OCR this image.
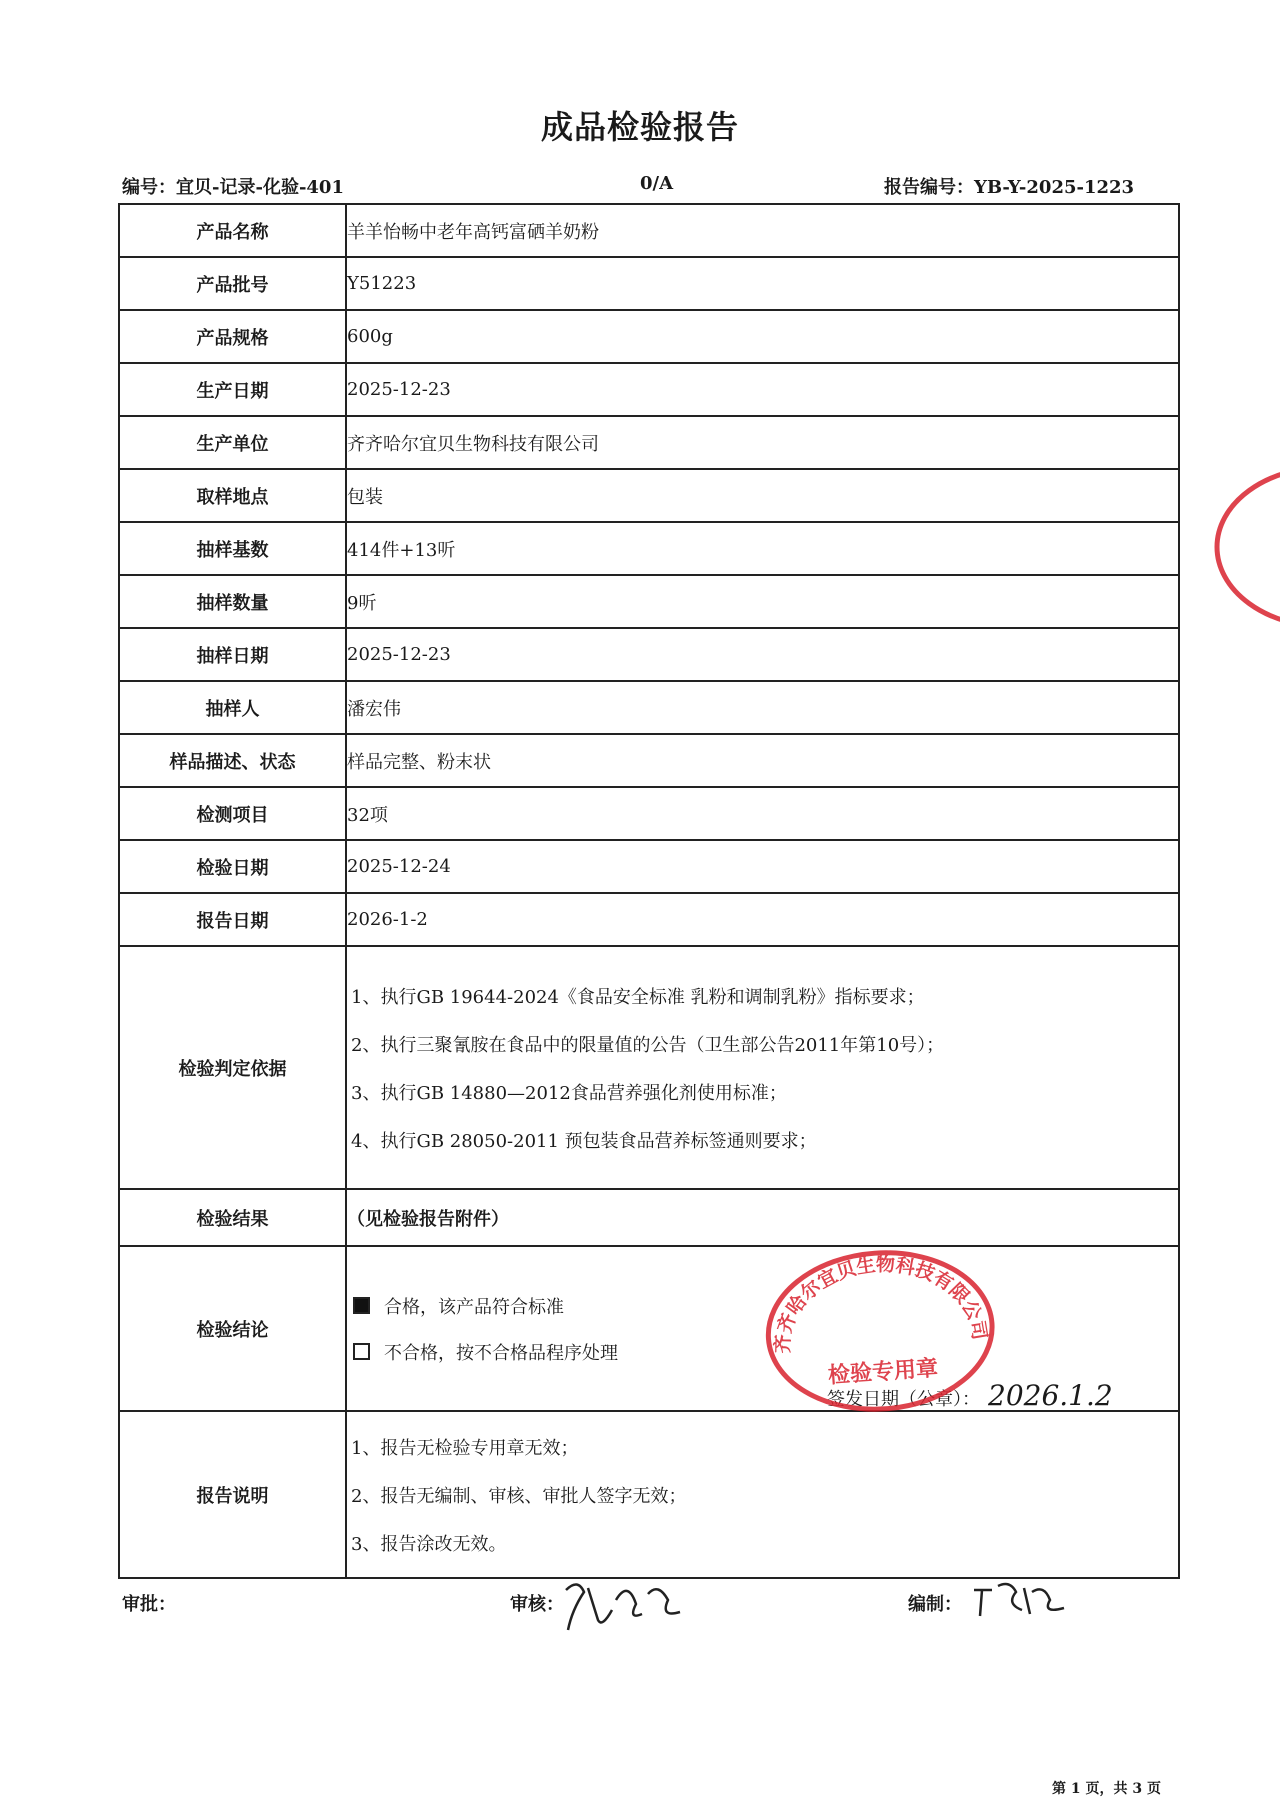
成品检验报告
编号：宜贝-记录-化验-401	0/A	报告编号：YB-Y-2025-1223
产品名称	羊羊怡畅中老年高钙富硒羊奶粉
产品批号	Y51223
产品规格	600g
生产日期	2025-12-23
生产单位	齐齐哈尔宜贝生物科技有限公司
取样地点	包装
抽样基数	414件+13听
抽样数量	9听
抽样日期	2025-12-23
抽样人	潘宏伟
样品描述、状态	样品完整、粉末状
检测项目	32项
检验日期	2025-12-24
报告日期	2026-1-2
检验判定依据	1、执行GB 19644-2024《食品安全标准 乳粉和调制乳粉》指标要求；
2、执行三聚氰胺在食品中的限量值的公告（卫生部公告2011年第10号）；
3、执行GB 14880—2012食品营养强化剂使用标准；
4、执行GB 28050-2011 预包装食品营养标签通则要求；

检验结果	（见检验报告附件）
检验结论	合格，该产品符合标准
不合格，按不合格品程序处理
签发日期（公章）： 2026.1.2

报告说明	1、报告无检验专用章无效；
2、报告无编制、审核、审批人签字无效；
3、报告涂改无效。
齐齐哈尔宜贝生物科技有限公司
检验专用章
审批：	审核：	编制：
第 1 页，共 3 页
